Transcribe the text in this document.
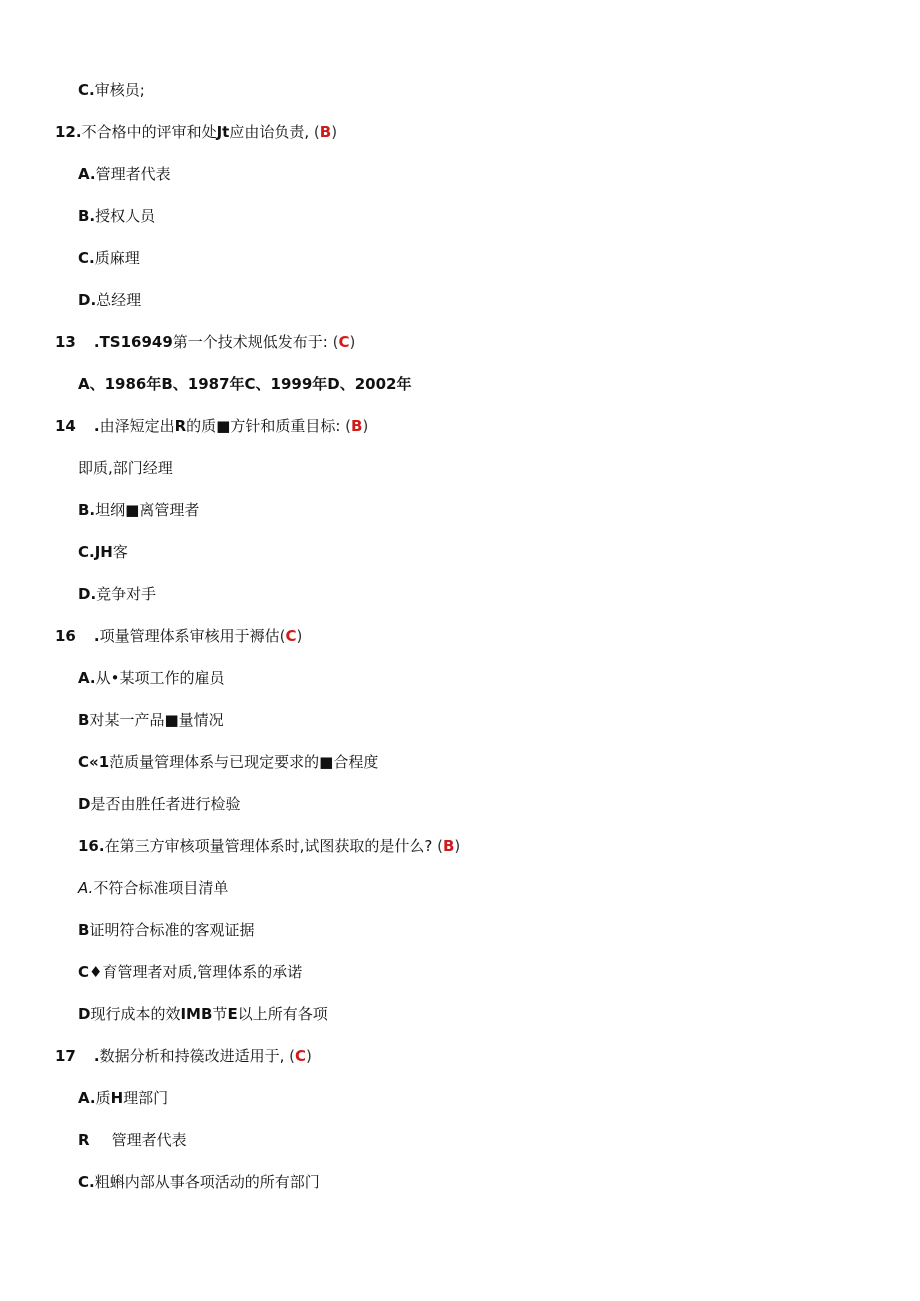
C.审核员;
12.不合格中的评审和处Jt应由诒负责, (B)
A.管理者代表
B.授权人员
C.质麻理
D.总经理
13 .TS16949第一个技术规低发布于: (C)
A、1986年B、1987年C、1999年D、2002年
14 .由泽短定出R的质■方针和质重目标: (B)
即质,部门经理
B.坦纲■离管理者
C.JH客
D.竞争对手
16 .项量管理体系审核用于褥估(C)
A.从•某项工作的雇员
B对某一产品■量情况
C«1范质量管理体系与已现定要求的■合程度
D是否由胜任者进行检验
16.在第三方审核项量管理体系时,试图获取的是什么? (B)
A.不符合标准项目清单
B证明符合标准的客观证据
C♦育管理者对质,管理体系的承诺
D现行成本的效IMB节E以上所有各项
17 .数据分析和持篌改进适用于, (C)
A.质H理部门
R 管理者代表
C.粗蝌内部从事各项活动的所有部门
